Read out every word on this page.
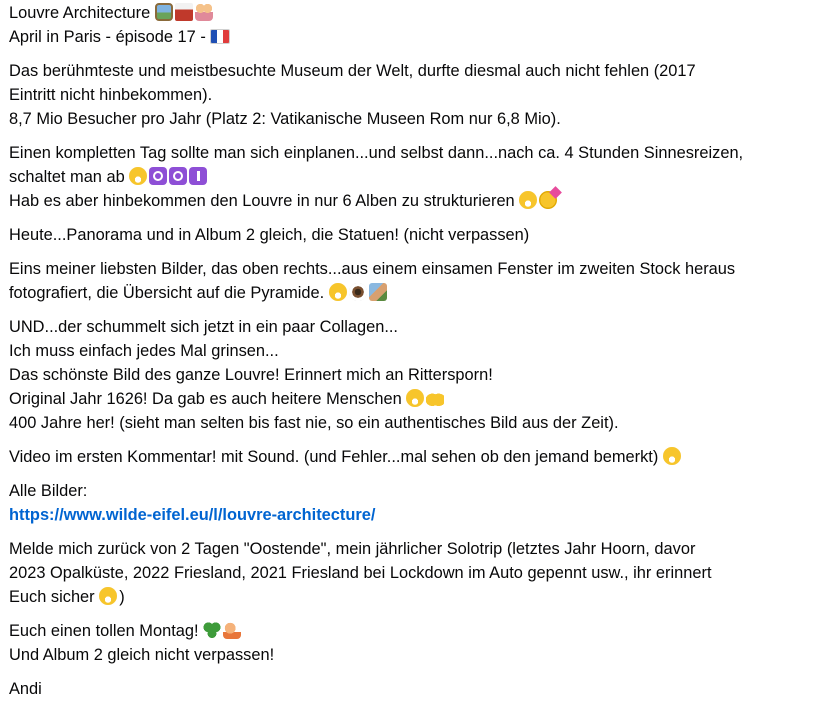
Louvre Architecture
April in Paris - épisode 17 -
Das berühmteste und meistbesuchte Museum der Welt, durfte diesmal auch nicht fehlen (2017
Eintritt nicht hinbekommen).
8,7 Mio Besucher pro Jahr (Platz 2: Vatikanische Museen Rom nur 6,8 Mio).
Einen kompletten Tag sollte man sich einplanen...und selbst dann...nach ca. 4 Stunden Sinnesreizen,
schaltet man ab
Hab es aber hinbekommen den Louvre in nur 6 Alben zu strukturieren
Heute...Panorama und in Album 2 gleich, die Statuen! (nicht verpassen)
Eins meiner liebsten Bilder, das oben rechts...aus einem einsamen Fenster im zweiten Stock heraus
fotografiert, die Übersicht auf die Pyramide.
UND...der schummelt sich jetzt in ein paar Collagen...
Ich muss einfach jedes Mal grinsen...
Das schönste Bild des ganze Louvre! Erinnert mich an Rittersporn!
Original Jahr 1626! Da gab es auch heitere Menschen
400 Jahre her! (sieht man selten bis fast nie, so ein authentisches Bild aus der Zeit).
Video im ersten Kommentar! mit Sound. (und Fehler...mal sehen ob den jemand bemerkt)
Alle Bilder:
https://www.wilde-eifel.eu/l/louvre-architecture/
Melde mich zurück von 2 Tagen "Oostende", mein jährlicher Solotrip (letztes Jahr Hoorn, davor
2023 Opalküste, 2022 Friesland, 2021 Friesland bei Lockdown im Auto gepennt usw., ihr erinnert
Euch sicher )
Euch einen tollen Montag!
Und Album 2 gleich nicht verpassen!
Andi
